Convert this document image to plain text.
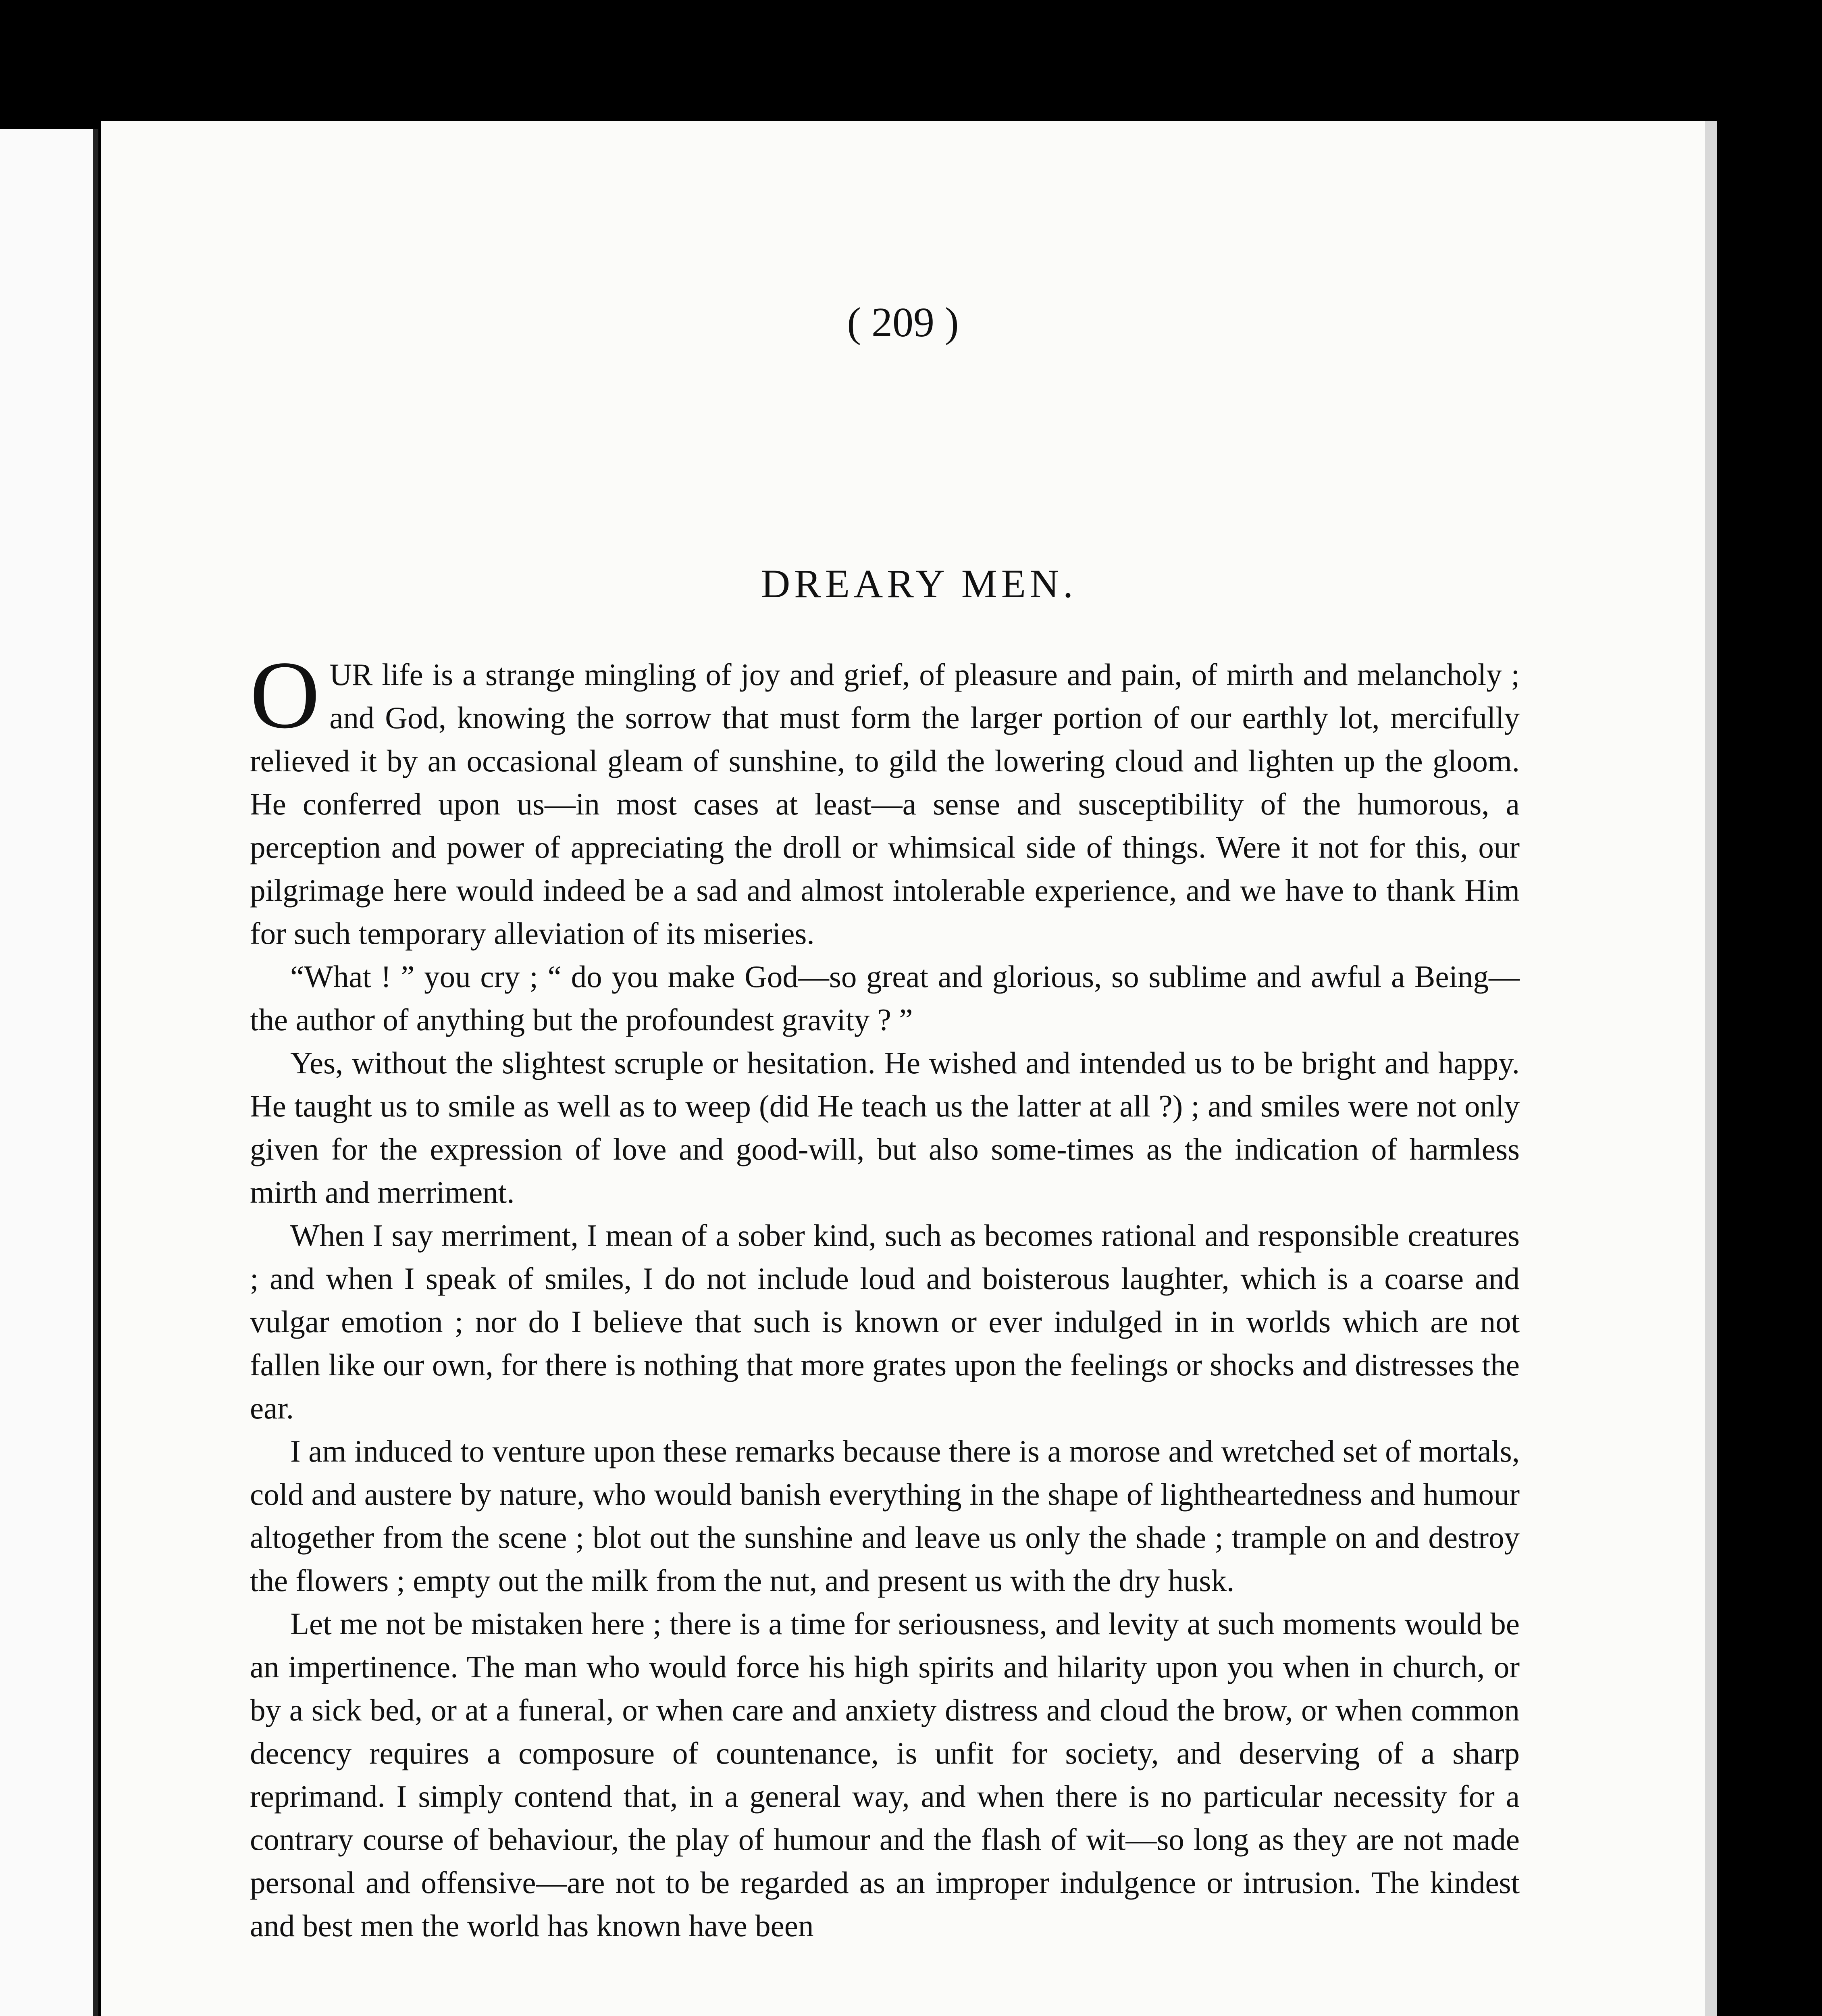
( 209 )
DREARY MEN.

OUR life is a strange mingling of joy and grief, of pleasure and pain, of mirth and melancholy ; and God, knowing the sorrow that must form the larger portion of our earthly lot, mercifully relieved it by an occasional gleam of sunshine, to gild the lowering cloud and lighten up the gloom. He conferred upon us—in most cases at least—a sense and susceptibility of the humorous, a perception and power of appreciating the droll or whimsical side of things. Were it not for this, our pilgrimage here would indeed be a sad and almost intolerable experience, and we have to thank Him for such temporary alleviation of its miseries.

“What ! ” you cry ; “ do you make God—so great and glorious, so sublime and awful a Being—the author of anything but the profoundest gravity ? ”

Yes, without the slightest scruple or hesitation. He wished and intended us to be bright and happy. He taught us to smile as well as to weep (did He teach us the latter at all ?) ; and smiles were not only given for the expression of love and good-will, but also some-times as the indication of harmless mirth and merriment.

When I say merriment, I mean of a sober kind, such as becomes rational and responsible creatures ; and when I speak of smiles, I do not include loud and boisterous laughter, which is a coarse and vulgar emotion ; nor do I believe that such is known or ever indulged in in worlds which are not fallen like our own, for there is nothing that more grates upon the feelings or shocks and distresses the ear.

I am induced to venture upon these remarks because there is a morose and wretched set of mortals, cold and austere by nature, who would banish everything in the shape of lightheartedness and humour altogether from the scene ; blot out the sunshine and leave us only the shade ; trample on and destroy the flowers ; empty out the milk from the nut, and present us with the dry husk.

Let me not be mistaken here ; there is a time for seriousness, and levity at such moments would be an impertinence. The man who would force his high spirits and hilarity upon you when in church, or by a sick bed, or at a funeral, or when care and anxiety distress and cloud the brow, or when common decency requires a composure of countenance, is unfit for society, and deserving of a sharp reprimand. I simply contend that, in a general way, and when there is no particular necessity for a contrary course of behaviour, the play of humour and the flash of wit—so long as they are not made personal and offensive—are not to be regarded as an improper indulgence or intrusion. The kindest and best men the world has known have been
